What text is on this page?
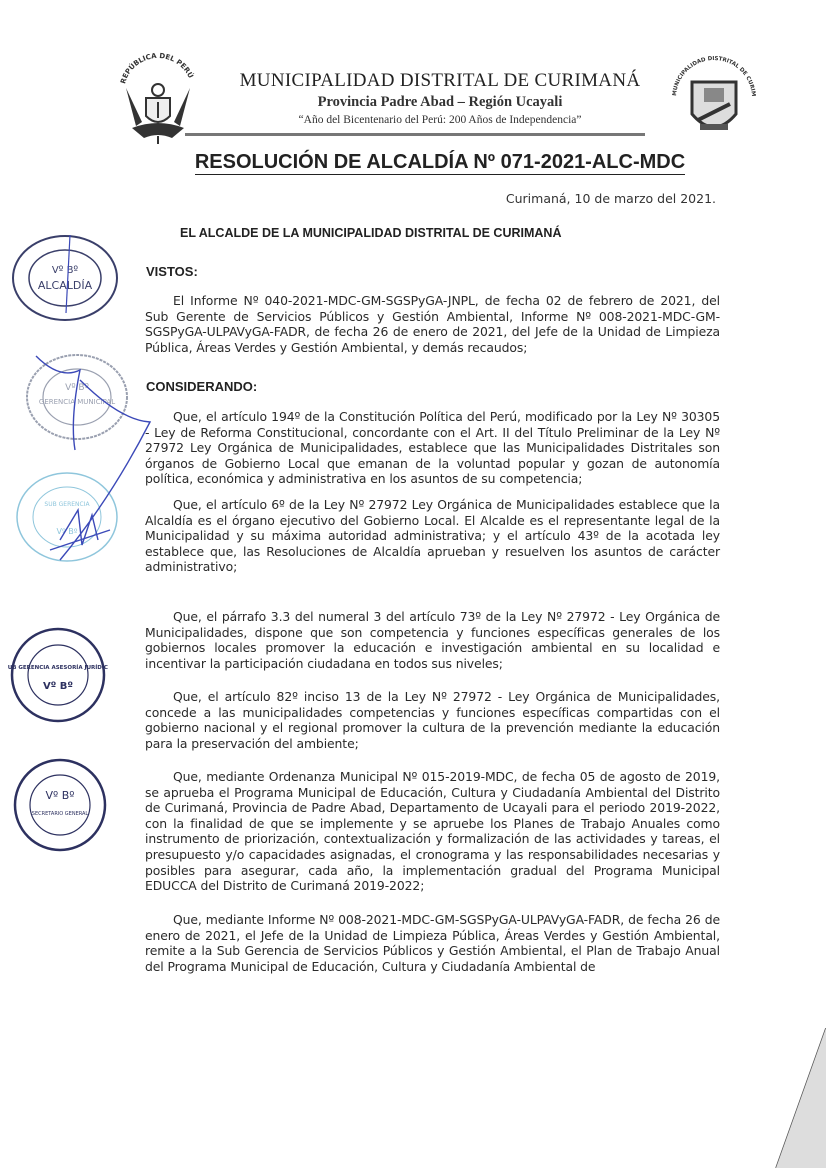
REPÚBLICA DEL PERÚ	MUNICIPALIDAD DISTRITAL DE CURIMANÁ
Provincia Padre Abad – Región Ucayali
“Año del Bicentenario del Perú: 200 Años de Independencia”
MUNICIPALIDAD DISTRITAL DE CURIM
RESOLUCIÓN DE ALCALDÍA Nº 071-2021-ALC-MDC
Curimaná, 10 de marzo del 2021.
EL ALCALDE DE LA MUNICIPALIDAD DISTRITAL DE CURIMANÁ
VISTOS:
El Informe Nº 040-2021-MDC-GM-SGSPyGA-JNPL, de fecha 02 de febrero de 2021, del Sub Gerente de Servicios Públicos y Gestión Ambiental, Informe Nº 008-2021-MDC-GM-SGSPyGA-ULPAVyGA-FADR, de fecha 26 de enero de 2021, del Jefe de la Unidad de Limpieza Pública, Áreas Verdes y Gestión Ambiental, y demás recaudos;
CONSIDERANDO:
Que, el artículo 194º de la Constitución Política del Perú, modificado por la Ley Nº 30305 - Ley de Reforma Constitucional, concordante con el Art. II del Título Preliminar de la Ley Nº 27972 Ley Orgánica de Municipalidades, establece que las Municipalidades Distritales son órganos de Gobierno Local que emanan de la voluntad popular y gozan de autonomía política, económica y administrativa en los asuntos de su competencia;
Que, el artículo 6º de la Ley Nº 27972 Ley Orgánica de Municipalidades establece que la Alcaldía es el órgano ejecutivo del Gobierno Local. El Alcalde es el representante legal de la Municipalidad y su máxima autoridad administrativa; y el artículo 43º de la acotada ley establece que, las Resoluciones de Alcaldía aprueban y resuelven los asuntos de carácter administrativo;
Que, el párrafo 3.3 del numeral 3 del artículo 73º de la Ley Nº 27972 - Ley Orgánica de Municipalidades, dispone que son competencia y funciones específicas generales de los gobiernos locales promover la educación e investigación ambiental en su localidad e incentivar la participación ciudadana en todos sus niveles;
Que, el artículo 82º inciso 13 de la Ley Nº 27972 - Ley Orgánica de Municipalidades, concede a las municipalidades competencias y funciones específicas compartidas con el gobierno nacional y el regional promover la cultura de la prevención mediante la educación para la preservación del ambiente;
Que, mediante Ordenanza Municipal Nº 015-2019-MDC, de fecha 05 de agosto de 2019, se aprueba el Programa Municipal de Educación, Cultura y Ciudadanía Ambiental del Distrito de Curimaná, Provincia de Padre Abad, Departamento de Ucayali para el periodo 2019-2022, con la finalidad de que se implemente y se apruebe los Planes de Trabajo Anuales como instrumento de priorización, contextualización y formalización de las actividades y tareas, el presupuesto y/o capacidades asignadas, el cronograma y las responsabilidades necesarias y posibles para asegurar, cada año, la implementación gradual del Programa Municipal EDUCCA del Distrito de Curimaná 2019-2022;
Que, mediante Informe Nº 008-2021-MDC-GM-SGSPyGA-ULPAVyGA-FADR, de fecha 26 de enero de 2021, el Jefe de la Unidad de Limpieza Pública, Áreas Verdes y Gestión Ambiental, remite a la Sub Gerencia de Servicios Públicos y Gestión Ambiental, el Plan de Trabajo Anual del Programa Municipal de Educación, Cultura y Ciudadanía Ambiental de
Vº Bº
ALCALDÍA
Vº Bº
GERENCIA MUNICIPAL
SUB GERENCIA
Vº Bº
SUB GERENCIA ASESORÍA JURÍDICA
Vº Bº
Vº Bº
SECRETARIO GENERAL
